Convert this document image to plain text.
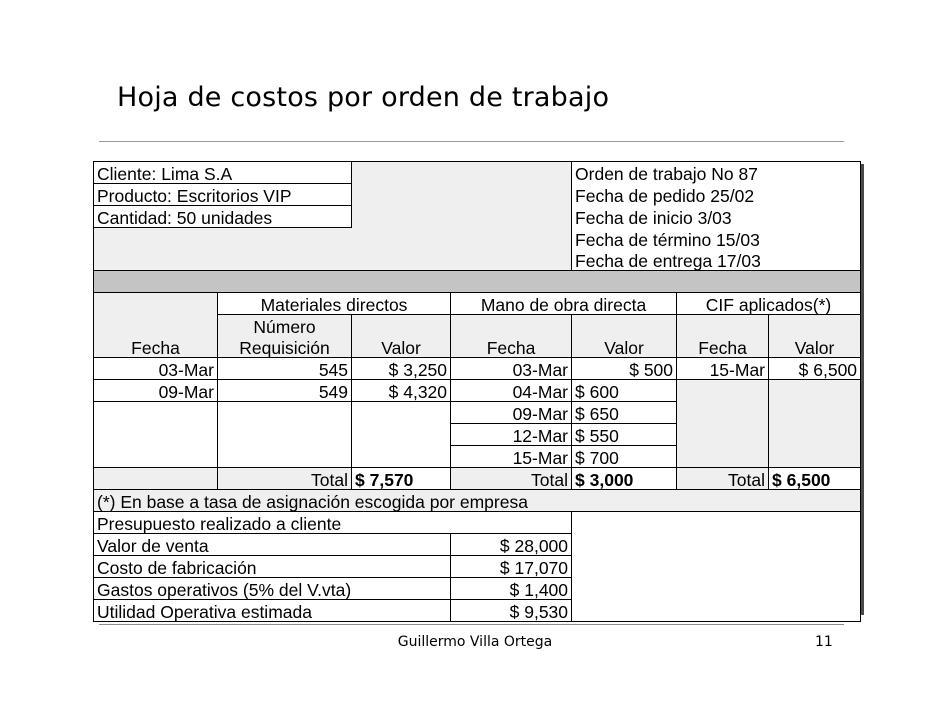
Hoja de costos por orden de trabajo
Cliente: Lima S.A				Orden de trabajo No 87		
Producto: Escritorios VIP				Fecha de pedido 25/02		
Cantidad: 50 unidades				Fecha de inicio 3/03		
				Fecha de término 15/03		
				Fecha de entrega 17/03		

	Materiales directos		Mano de obra directa		CIF aplicados(*)	
	Número					
Fecha	Requisición	Valor	Fecha	Valor	Fecha	Valor
03-Mar	545	$ 3,250	03-Mar	$ 500	15-Mar	$ 6,500
09-Mar	549	$ 4,320	04-Mar	$ 600		
			09-Mar	$ 650		
			12-Mar	$ 550		
			15-Mar	$ 700		
	Total	$ 7,570	Total	$ 3,000	Total	$ 6,500
(*) En base a tasa de asignación escogida por empresa						
Presupuesto realizado a cliente						
Valor de venta			$ 28,000			
Costo de fabricación			$ 17,070			
Gastos operativos (5% del V.vta)			$ 1,400			
Utilidad Operativa estimada			$ 9,530			
Guillermo Villa Ortega	11
